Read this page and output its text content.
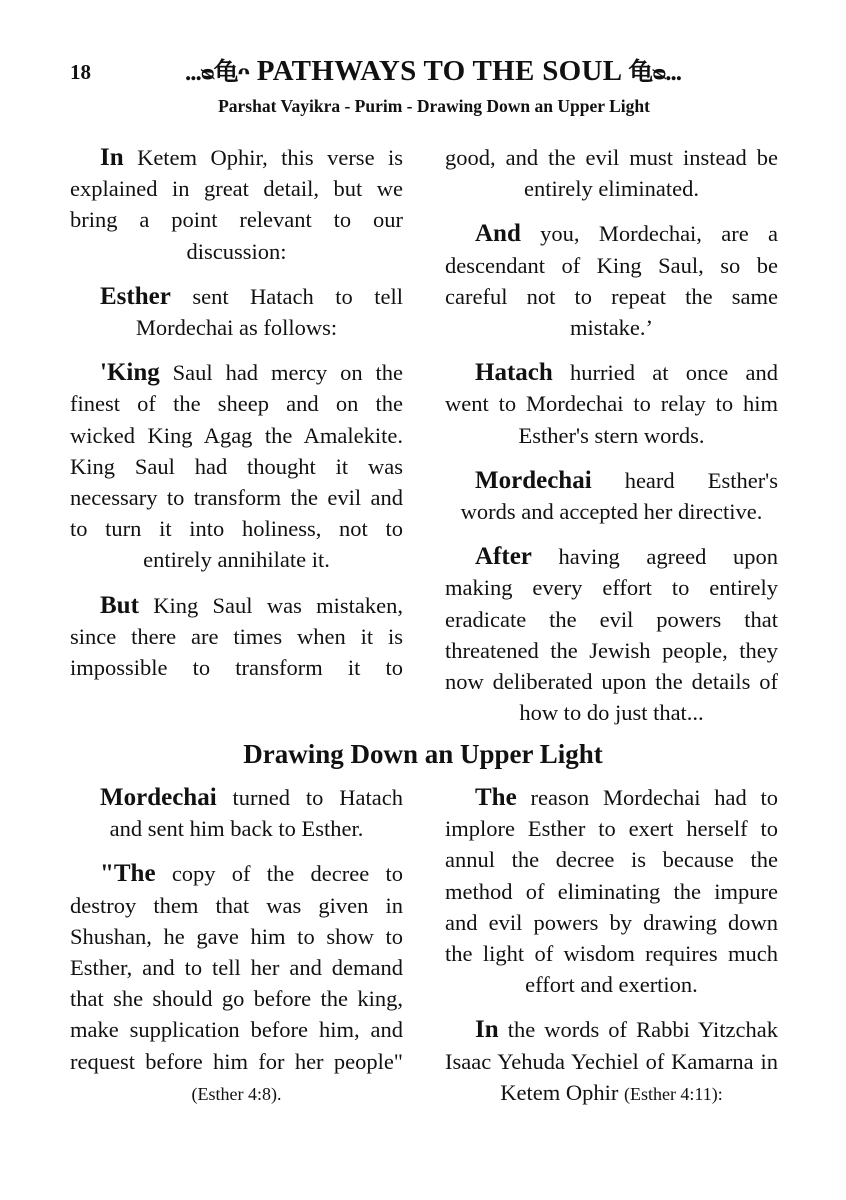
18	...ᴓ⻳ᴖ PATHWAYS TO THE SOUL ⻳ᴓ...
Parshat Vayikra - Purim - Drawing Down an Upper Light

In Ketem Ophir, this verse is explained in great detail, but we bring a point relevant to our discussion:

Esther sent Hatach to tell Mordechai as follows:

'King Saul had mercy on the finest of the sheep and on the wicked King Agag the Amalekite. King Saul had thought it was necessary to transform the evil and to turn it into holiness, not to entirely annihilate it.

But King Saul was mistaken, since there are times when it is impossible to transform it to

good, and the evil must instead be entirely eliminated.

And you, Mordechai, are a descendant of King Saul, so be careful not to repeat the same mistake.’

Hatach hurried at once and went to Mordechai to relay to him Esther's stern words.

Mordechai heard Esther's words and accepted her directive.

After having agreed upon making every effort to entirely eradicate the evil powers that threatened the Jewish people, they now deliberated upon the details of how to do just that...

Drawing Down an Upper Light

Mordechai turned to Hatach and sent him back to Esther.

"The copy of the decree to destroy them that was given in Shushan, he gave him to show to Esther, and to tell her and demand that she should go before the king, make supplication before him, and request before him for her people" (Esther 4:8).

The reason Mordechai had to implore Esther to exert herself to annul the decree is because the method of eliminating the impure and evil powers by drawing down the light of wisdom requires much effort and exertion.

In the words of Rabbi Yitzchak Isaac Yehuda Yechiel of Kamarna in Ketem Ophir (Esther 4:11):
